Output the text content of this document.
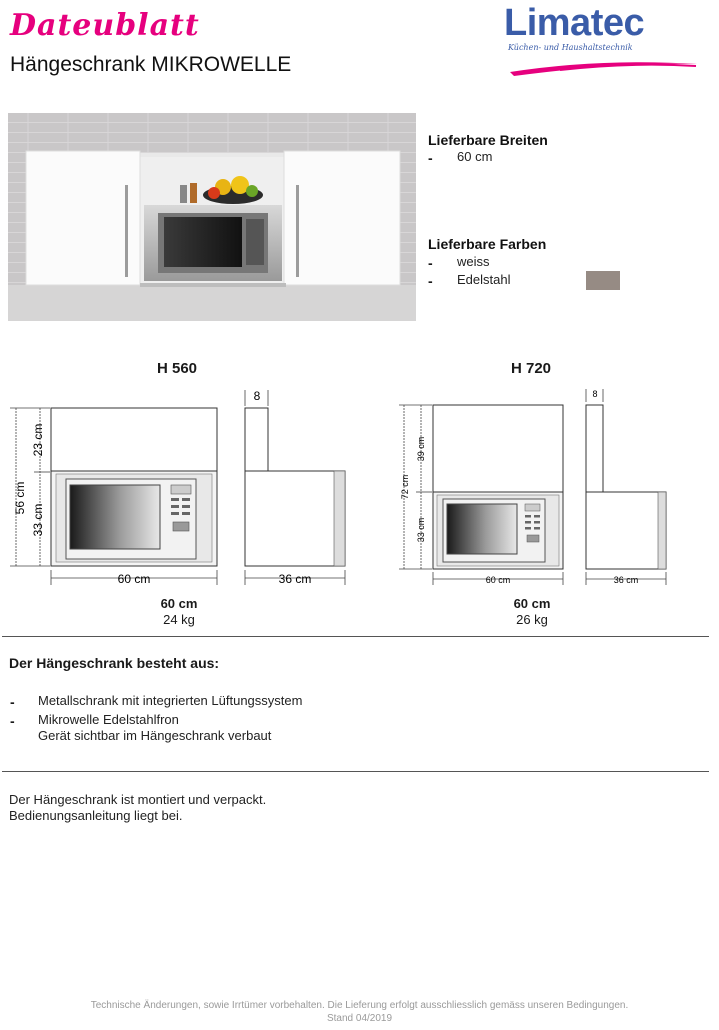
Dateublatt
Hängeschrank MIKROWELLE
Limatec
Küchen- und Haushaltstechnik
Lieferbare Breiten
- 60 cm
Lieferbare Farben
- weiss
- Edelstahl
H 560	H 720
56 cm
23 cm
33 cm
60 cm
8
36 cm
72 cm
39 cm
33 cm
60 cm
8
36 cm
60 cm
24 kg
60 cm
26 kg
Der Hängeschrank besteht aus:
- Metallschrank mit integrierten Lüftungssystem
- Mikrowelle Edelstahlfron
Gerät sichtbar im Hängeschrank verbaut
Der Hängeschrank ist montiert und verpackt.
Bedienungsanleitung liegt bei.
Technische Änderungen, sowie Irrtümer vorbehalten. Die Lieferung erfolgt ausschliesslich gemäss unseren Bedingungen.
Stand 04/2019
